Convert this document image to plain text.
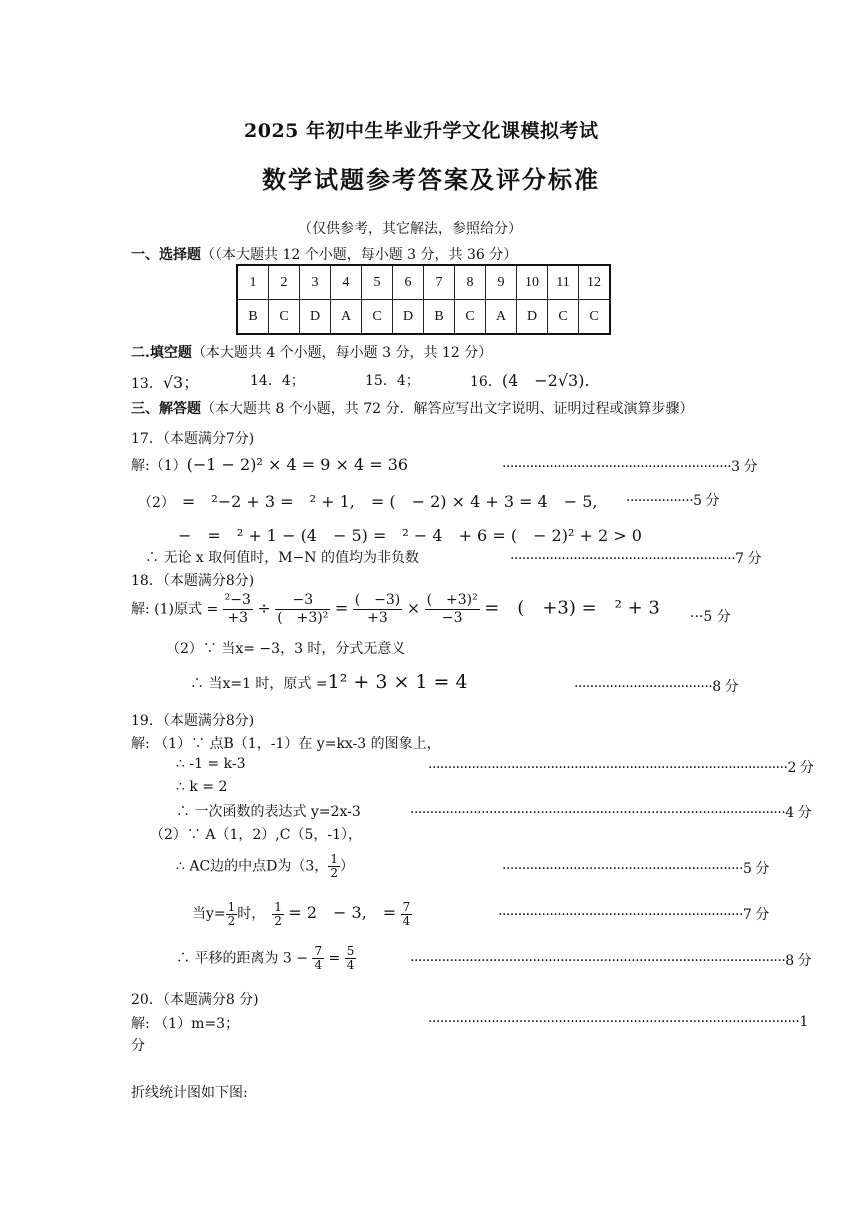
2025 年初中生毕业升学文化课模拟考试
数学试题参考答案及评分标准
（仅供参考，其它解法，参照给分）
一、选择题（（本大题共 12 个小题，每小题 3 分，共 36 分）
1	2	3	4	5	6	7	8	9	10	11	12
B	C	D	A	C	D	B	C	A	D	C	C
二.填空题（本大题共 4 个小题，每小题 3 分，共 12 分）
13．√3；	14．4；	15．4；	16．(4　−2√3).
三、解答题（本大题共 8 个小题，共 72 分．解答应写出文字说明、证明过程或演算步骤）
17．（本题满分7分)
解:（1）(−1 − 2)² × 4 = 9 × 4 = 36	··························································3 分
（2）　 =　²−2 + 3 =　² + 1,　= (　− 2) × 4 + 3 = 4　− 5, ·················5 分
−　=　² + 1 − (4　− 5) =　² − 4　+ 6 = (　− 2)² + 2 > 0
∴ 无论 x 取何值时，M−N 的值均为非负数	·························································7 分
18．（本题满分8分)
解: (1)原式 = $\frac{\text{²−3}}{+3} \div \frac{-3}{\text{(　+3)²}} = \frac{( -3)}{+3} \times \frac{\text{(　+3)²}}{-3}$ =　(　+3) =　² + 3 ···5 分
（2）∵ 当x= −3，3 时，分式无意义
∴ 当x=1 时，原式 =1² + 3 × 1 = 4	···································8 分
19．（本题满分8分)
解: （1）∵ 点B（1，-1）在 y=kx-3 的图象上，
∴ -1 = k-3	···························································································2 分
∴ k = 2
∴ 一次函数的表达式 y=2x-3	·······························································································4 分
（2）∵ A（1，2）,C（5，-1），
∴ AC边的中点D为（3， $\frac{1}{2}$ ）	·····························································5 分
当$y= \frac{1}{2}$ 时，　 $\frac{1}{2} = 2$　− 3,　= $\frac{7}{4}$	······························································7 分
∴ 平移的距离为 $3 - \frac{7}{4} = \frac{5}{4}$	·······························································································8 分
20．（本题满分8 分)
解: （1）m=3；	······························································································1
分
折线统计图如下图:
